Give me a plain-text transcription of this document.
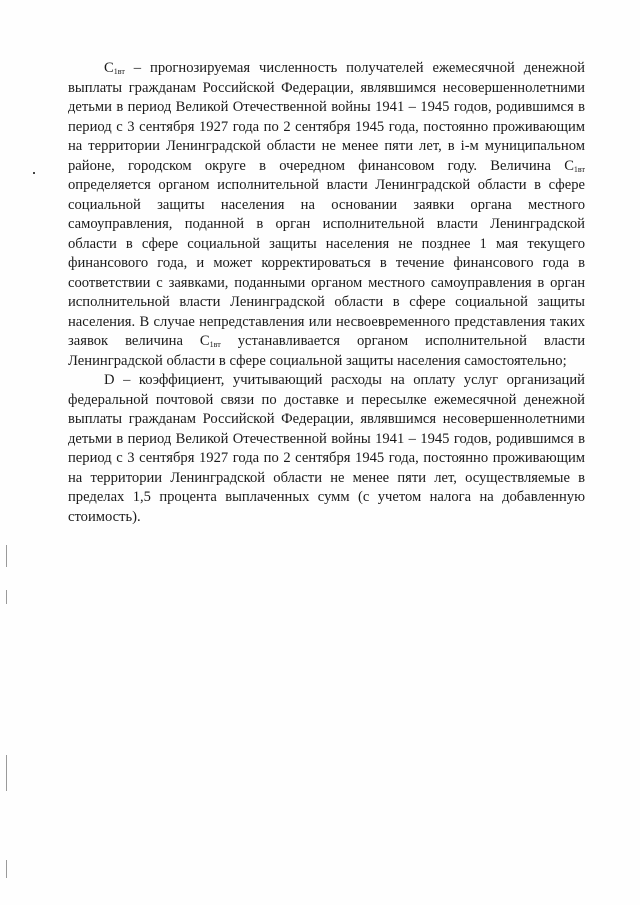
$C_{1вт}$ – прогнозируемая численность получателей ежемесячной денежной выплаты гражданам Российской Федерации, являвшимся несовершеннолетними детьми в период Великой Отечественной войны 1941 – 1945 годов, родившимся в период с 3 сентября 1927 года по 2 сентября 1945 года, постоянно проживающим на территории Ленинградской области не менее пяти лет, в i-м муниципальном районе, городском округе в очередном финансовом году. Величина $C_{1вт}$ определяется органом исполнительной власти Ленинградской области в сфере социальной защиты населения на основании заявки органа местного самоуправления, поданной в орган исполнительной власти Ленинградской области в сфере социальной защиты населения не позднее 1 мая текущего финансового года, и может корректироваться в течение финансового года в соответствии с заявками, поданными органом местного самоуправления в орган исполнительной власти Ленинградской области в сфере социальной защиты населения. В случае непредставления или несвоевременного представления таких заявок величина $C_{1вт}$ устанавливается органом исполнительной власти Ленинградской области в сфере социальной защиты населения самостоятельно;

D – коэффициент, учитывающий расходы на оплату услуг организаций федеральной почтовой связи по доставке и пересылке ежемесячной денежной выплаты гражданам Российской Федерации, являвшимся несовершеннолетними детьми в период Великой Отечественной войны 1941 – 1945 годов, родившимся в период с 3 сентября 1927 года по 2 сентября 1945 года, постоянно проживающим на территории Ленинградской области не менее пяти лет, осуществляемые в пределах 1,5 процента выплаченных сумм (с учетом налога на добавленную стоимость).
